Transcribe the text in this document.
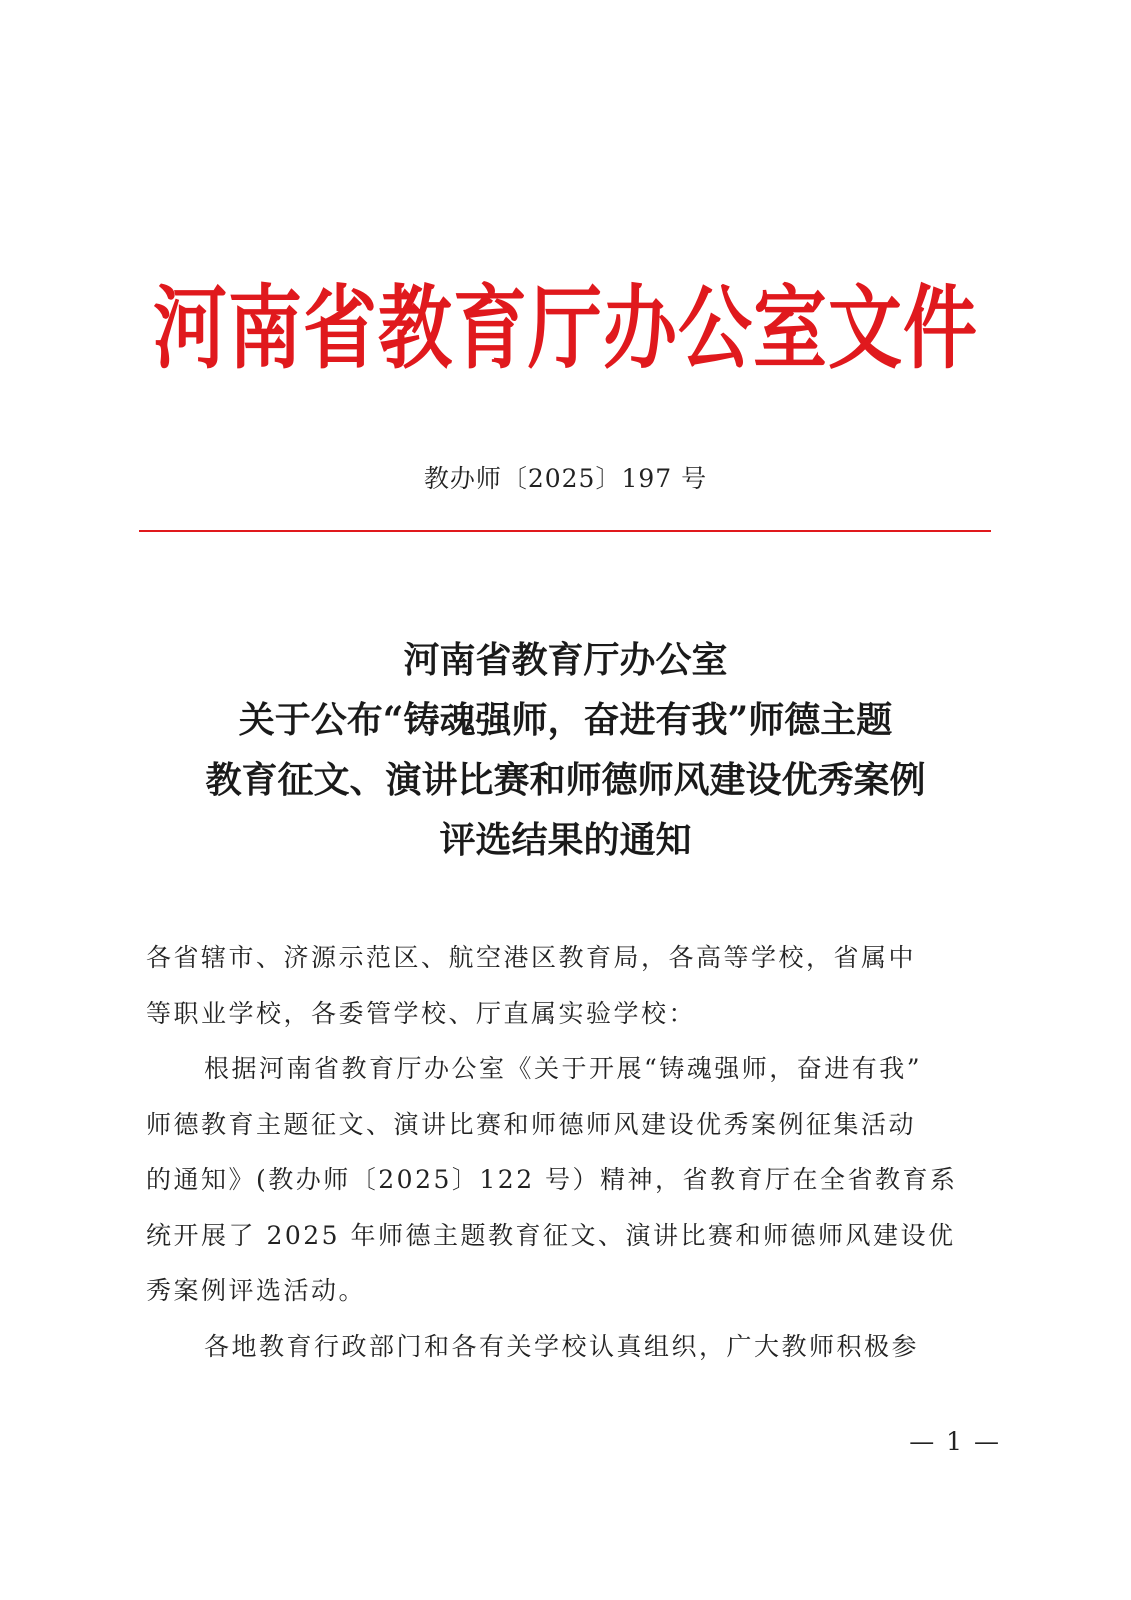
河南省教育厅办公室文件
教办师〔2025〕197 号
河南省教育厅办公室
关于公布“铸魂强师，奋进有我”师德主题
教育征文、演讲比赛和师德师风建设优秀案例
评选结果的通知
各省辖市、济源示范区、航空港区教育局，各高等学校，省属中
等职业学校，各委管学校、厅直属实验学校：
根据河南省教育厅办公室《关于开展“铸魂强师，奋进有我”
师德教育主题征文、演讲比赛和师德师风建设优秀案例征集活动
的通知》(教办师〔2025〕122 号）精神，省教育厅在全省教育系
统开展了 2025 年师德主题教育征文、演讲比赛和师德师风建设优
秀案例评选活动。
各地教育行政部门和各有关学校认真组织，广大教师积极参
— 1 —
